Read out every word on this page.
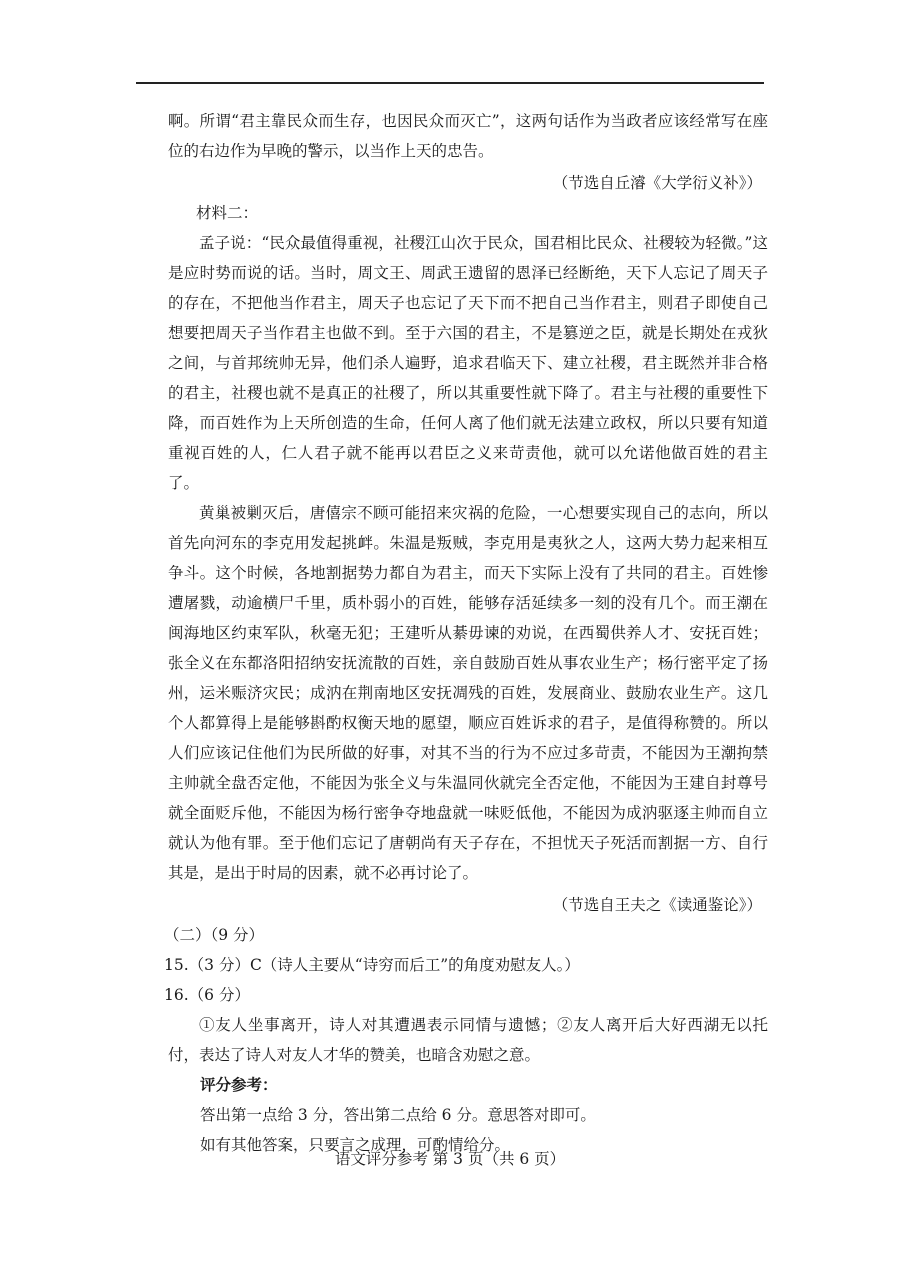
啊。所谓“君主靠民众而生存，也因民众而灭亡”，这两句话作为当政者应该经常写在座位的右边作为早晚的警示，以当作上天的忠告。

（节选自丘濬《大学衍义补》）

材料二：

孟子说：“民众最值得重视，社稷江山次于民众，国君相比民众、社稷较为轻微。”这是应时势而说的话。当时，周文王、周武王遗留的恩泽已经断绝，天下人忘记了周天子的存在，不把他当作君主，周天子也忘记了天下而不把自己当作君主，则君子即使自己想要把周天子当作君主也做不到。至于六国的君主，不是篡逆之臣，就是长期处在戎狄之间，与首邦统帅无异，他们杀人遍野，追求君临天下、建立社稷，君主既然并非合格的君主，社稷也就不是真正的社稷了，所以其重要性就下降了。君主与社稷的重要性下降，而百姓作为上天所创造的生命，任何人离了他们就无法建立政权，所以只要有知道重视百姓的人，仁人君子就不能再以君臣之义来苛责他，就可以允诺他做百姓的君主了。

黄巢被剿灭后，唐僖宗不顾可能招来灾祸的危险，一心想要实现自己的志向，所以首先向河东的李克用发起挑衅。朱温是叛贼，李克用是夷狄之人，这两大势力起来相互争斗。这个时候，各地割据势力都自为君主，而天下实际上没有了共同的君主。百姓惨遭屠戮，动逾横尸千里，质朴弱小的百姓，能够存活延续多一刻的没有几个。而王潮在闽海地区约束军队，秋毫无犯；王建听从綦毋谏的劝说，在西蜀供养人才、安抚百姓；张全义在东都洛阳招纳安抚流散的百姓，亲自鼓励百姓从事农业生产；杨行密平定了扬州，运米赈济灾民；成汭在荆南地区安抚凋残的百姓，发展商业、鼓励农业生产。这几个人都算得上是能够斟酌权衡天地的愿望，顺应百姓诉求的君子，是值得称赞的。所以人们应该记住他们为民所做的好事，对其不当的行为不应过多苛责，不能因为王潮拘禁主帅就全盘否定他，不能因为张全义与朱温同伙就完全否定他，不能因为王建自封尊号就全面贬斥他，不能因为杨行密争夺地盘就一味贬低他，不能因为成汭驱逐主帅而自立就认为他有罪。至于他们忘记了唐朝尚有天子存在，不担忧天子死活而割据一方、自行其是，是出于时局的因素，就不必再讨论了。

（节选自王夫之《读通鉴论》）

（二）（9 分）

15.（3 分）C（诗人主要从“诗穷而后工”的角度劝慰友人。）

16.（6 分）

①友人坐事离开，诗人对其遭遇表示同情与遗憾；②友人离开后大好西湖无以托付，表达了诗人对友人才华的赞美，也暗含劝慰之意。

评分参考：

答出第一点给 3 分，答出第二点给 6 分。意思答对即可。

如有其他答案，只要言之成理，可酌情给分。

语文评分参考 第 3 页（共 6 页）
